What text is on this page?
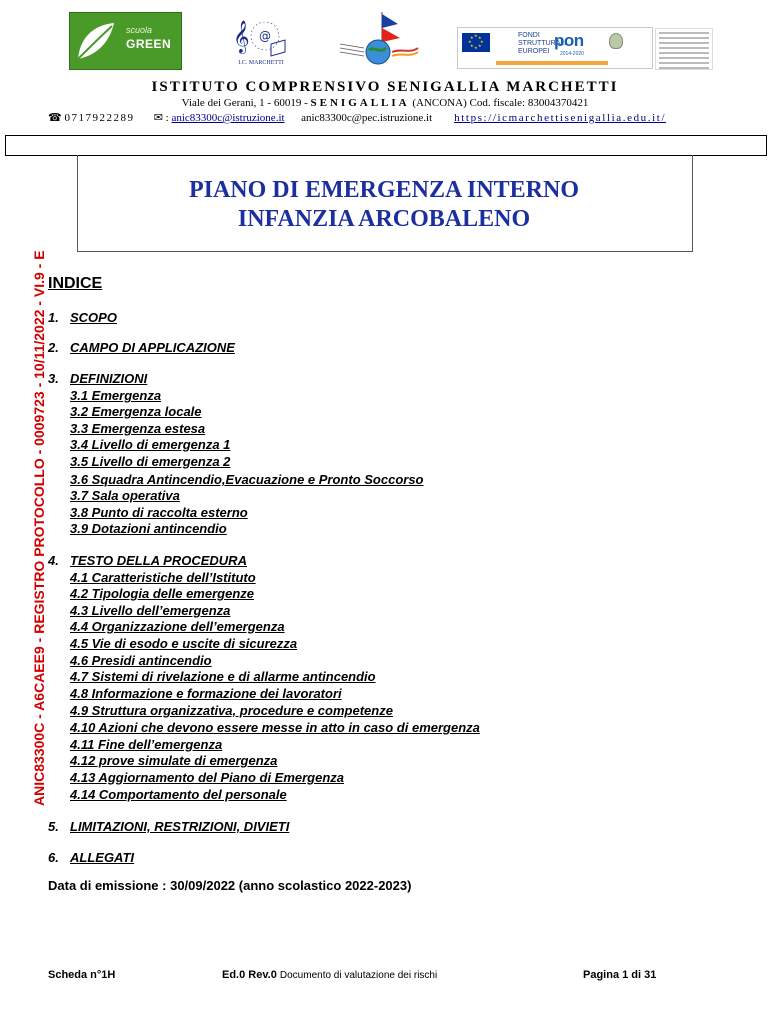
scuola
GREEN 𝄞 @
I.C. MARCHETTI
★ ★
★
★
★
★
★
★	FONDI
STRUTTURALI
EUROPEI
pon
2014-2020
ISTITUTO COMPRENSIVO SENIGALLIA MARCHETTI
Viale dei Gerani, 1 - 60019 - SENIGALLIA (ANCONA) Cod. fiscale: 83004370421
☎ 0717922289 ✉ : anic83300c@istruzione.it anic83300c@pec.istruzione.it https://icmarchettisenigallia.edu.it/
PIANO DI EMERGENZA INTERNO
INFANZIA ARCOBALENO
ANIC83300C - A6CAEE9 - REGISTRO PROTOCOLLO - 0009723 - 10/11/2022 - VI.9 - E INDICE
1. SCOPO
2. CAMPO DI APPLICAZIONE
3. DEFINIZIONI
3.1 Emergenza
3.2 Emergenza locale
3.3 Emergenza estesa
3.4 Livello di emergenza 1
3.5 Livello di emergenza 2
3.6 Squadra Antincendio,Evacuazione e Pronto Soccorso
3.7 Sala operativa
3.8 Punto di raccolta esterno
3.9 Dotazioni antincendio
4. TESTO DELLA PROCEDURA
4.1 Caratteristiche dell’Istituto
4.2 Tipologia delle emergenze
4.3 Livello dell’emergenza
4.4 Organizzazione dell’emergenza
4.5 Vie di esodo e uscite di sicurezza
4.6 Presidi antincendio
4.7 Sistemi di rivelazione e di allarme antincendio
4.8 Informazione e formazione dei lavoratori
4.9 Struttura organizzativa, procedure e competenze
4.10 Azioni che devono essere messe in atto in caso di emergenza
4.11 Fine dell’emergenza
4.12 prove simulate di emergenza
4.13 Aggiornamento del Piano di Emergenza
4.14 Comportamento del personale
5. LIMITAZIONI, RESTRIZIONI, DIVIETI
6. ALLEGATI
Data di emissione : 30/09/2022 (anno scolastico 2022-2023)
Scheda n°1H	Ed.0 Rev.0 Documento di valutazione dei rischi	Pagina 1 di 31
